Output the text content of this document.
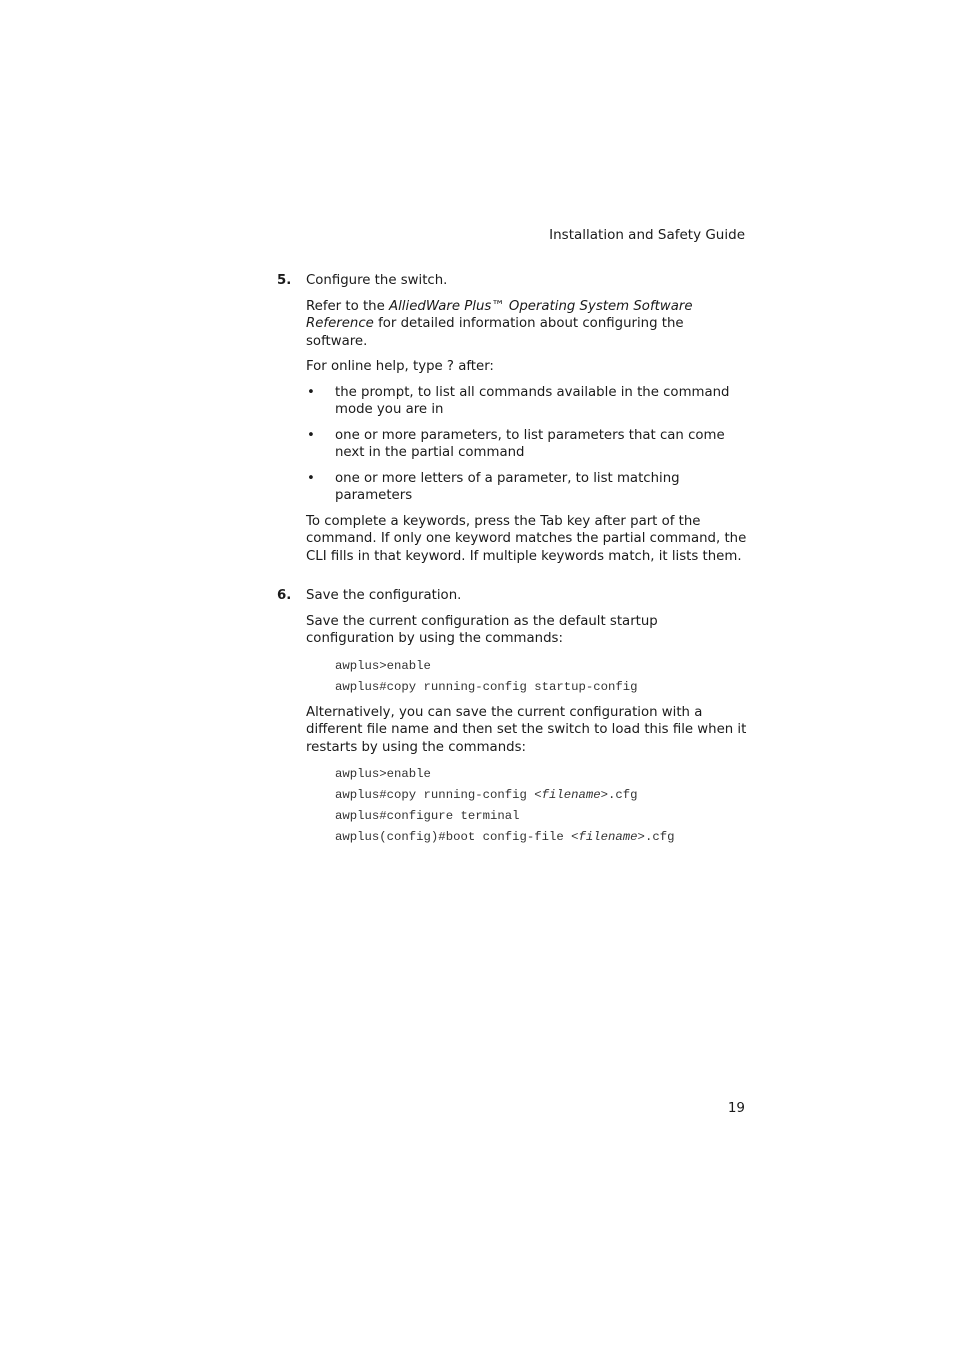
Installation and Safety Guide
5. Configure the switch.

Refer to the AlliedWare Plus™ Operating System Software Reference for detailed information about configuring the software.

For online help, type ? after:

• the prompt, to list all commands available in the command mode you are in
• one or more parameters, to list parameters that can come next in the partial command
• one or more letters of a parameter, to list matching parameters

To complete a keywords, press the Tab key after part of the command. If only one keyword matches the partial command, the CLI fills in that keyword. If multiple keywords match, it lists them.

6. Save the configuration.

Save the current configuration as the default startup configuration by using the commands:

awplus>enable
awplus#copy running-config startup-config

Alternatively, you can save the current configuration with a different file name and then set the switch to load this file when it restarts by using the commands:

awplus>enable
awplus#copy running-config <filename>.cfg
awplus#configure terminal
awplus(config)#boot config-file <filename>.cfg
19
